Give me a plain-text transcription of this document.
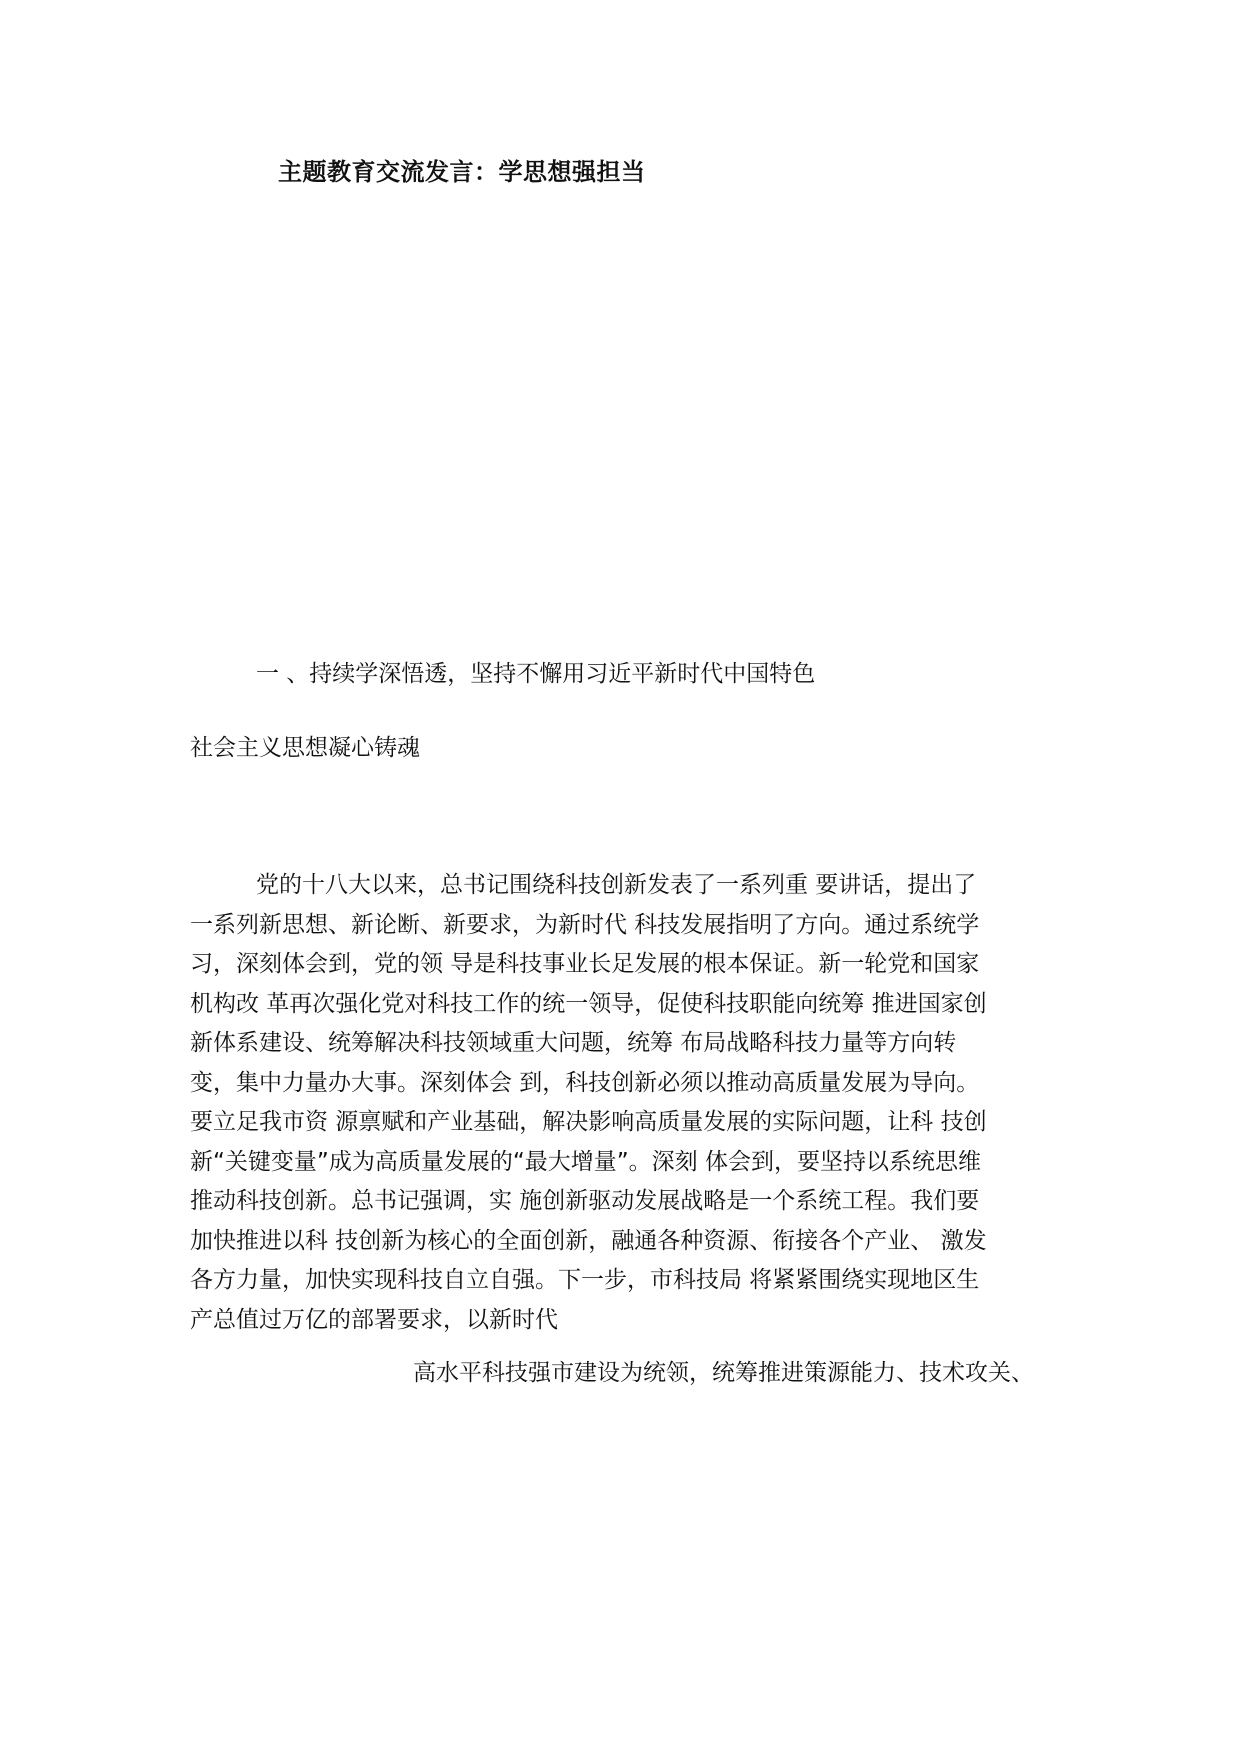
主题教育交流发言：学思想强担当
一 、持续学深悟透，坚持不懈用习近平新时代中国特色
社会主义思想凝心铸魂
党的十八大以来，总书记围绕科技创新发表了一系列重 要讲话，提出了
一系列新思想、新论断、新要求，为新时代 科技发展指明了方向。通过系统学
习，深刻体会到，党的领 导是科技事业长足发展的根本保证。新一轮党和国家
机构改 革再次强化党对科技工作的统一领导，促使科技职能向统筹 推进国家创
新体系建设、统筹解决科技领域重大问题，统筹 布局战略科技力量等方向转
变，集中力量办大事。深刻体会 到，科技创新必须以推动高质量发展为导向。
要立足我市资 源禀赋和产业基础，解决影响高质量发展的实际问题，让科 技创
新“关键变量”成为高质量发展的“最大增量”。深刻 体会到，要坚持以系统思维
推动科技创新。总书记强调，实 施创新驱动发展战略是一个系统工程。我们要
加快推进以科 技创新为核心的全面创新，融通各种资源、衔接各个产业、 激发
各方力量，加快实现科技自立自强。下一步，市科技局 将紧紧围绕实现地区生
产总值过万亿的部署要求，以新时代

高水平科技强市建设为统领，统筹推进策源能力、技术攻关、
